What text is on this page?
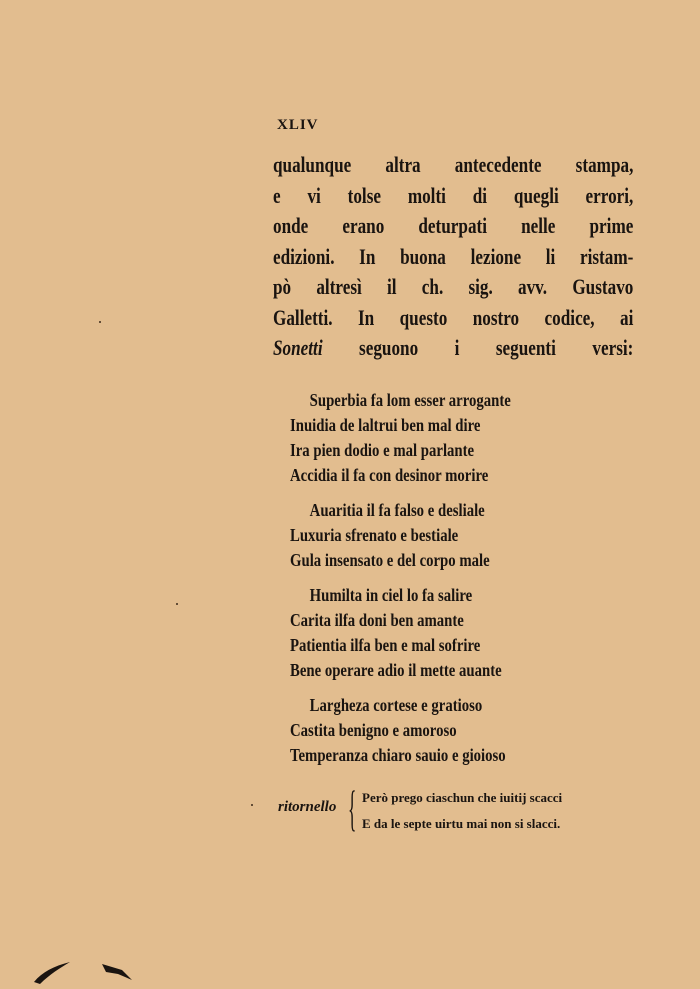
XLIV
qualunque altra antecedente stampa,
e vi tolse molti di quegli errori,
onde erano deturpati nelle prime
edizioni. In buona lezione li ristam-
pò altresì il ch. sig. avv. Gustavo
Galletti. In questo nostro codice, ai
Sonetti seguono i seguenti versi:
Superbia fa lom esser arrogante
Inuidia de laltrui ben mal dire
Ira pien dodio e mal parlante
Accidia il fa con desinor morire
Auaritia il fa falso e desliale
Luxuria sfrenato e bestiale
Gula insensato e del corpo male
Humilta in ciel lo fa salire
Carita ilfa doni ben amante
Patientia ilfa ben e mal sofrire
Bene operare adio il mette auante
Largheza cortese e gratioso
Castita benigno e amoroso
Temperanza chiaro sauio e gioioso
ritornello { Però prego ciaschun che iuitij scacci
E da le septe uirtu mai non si slacci.
